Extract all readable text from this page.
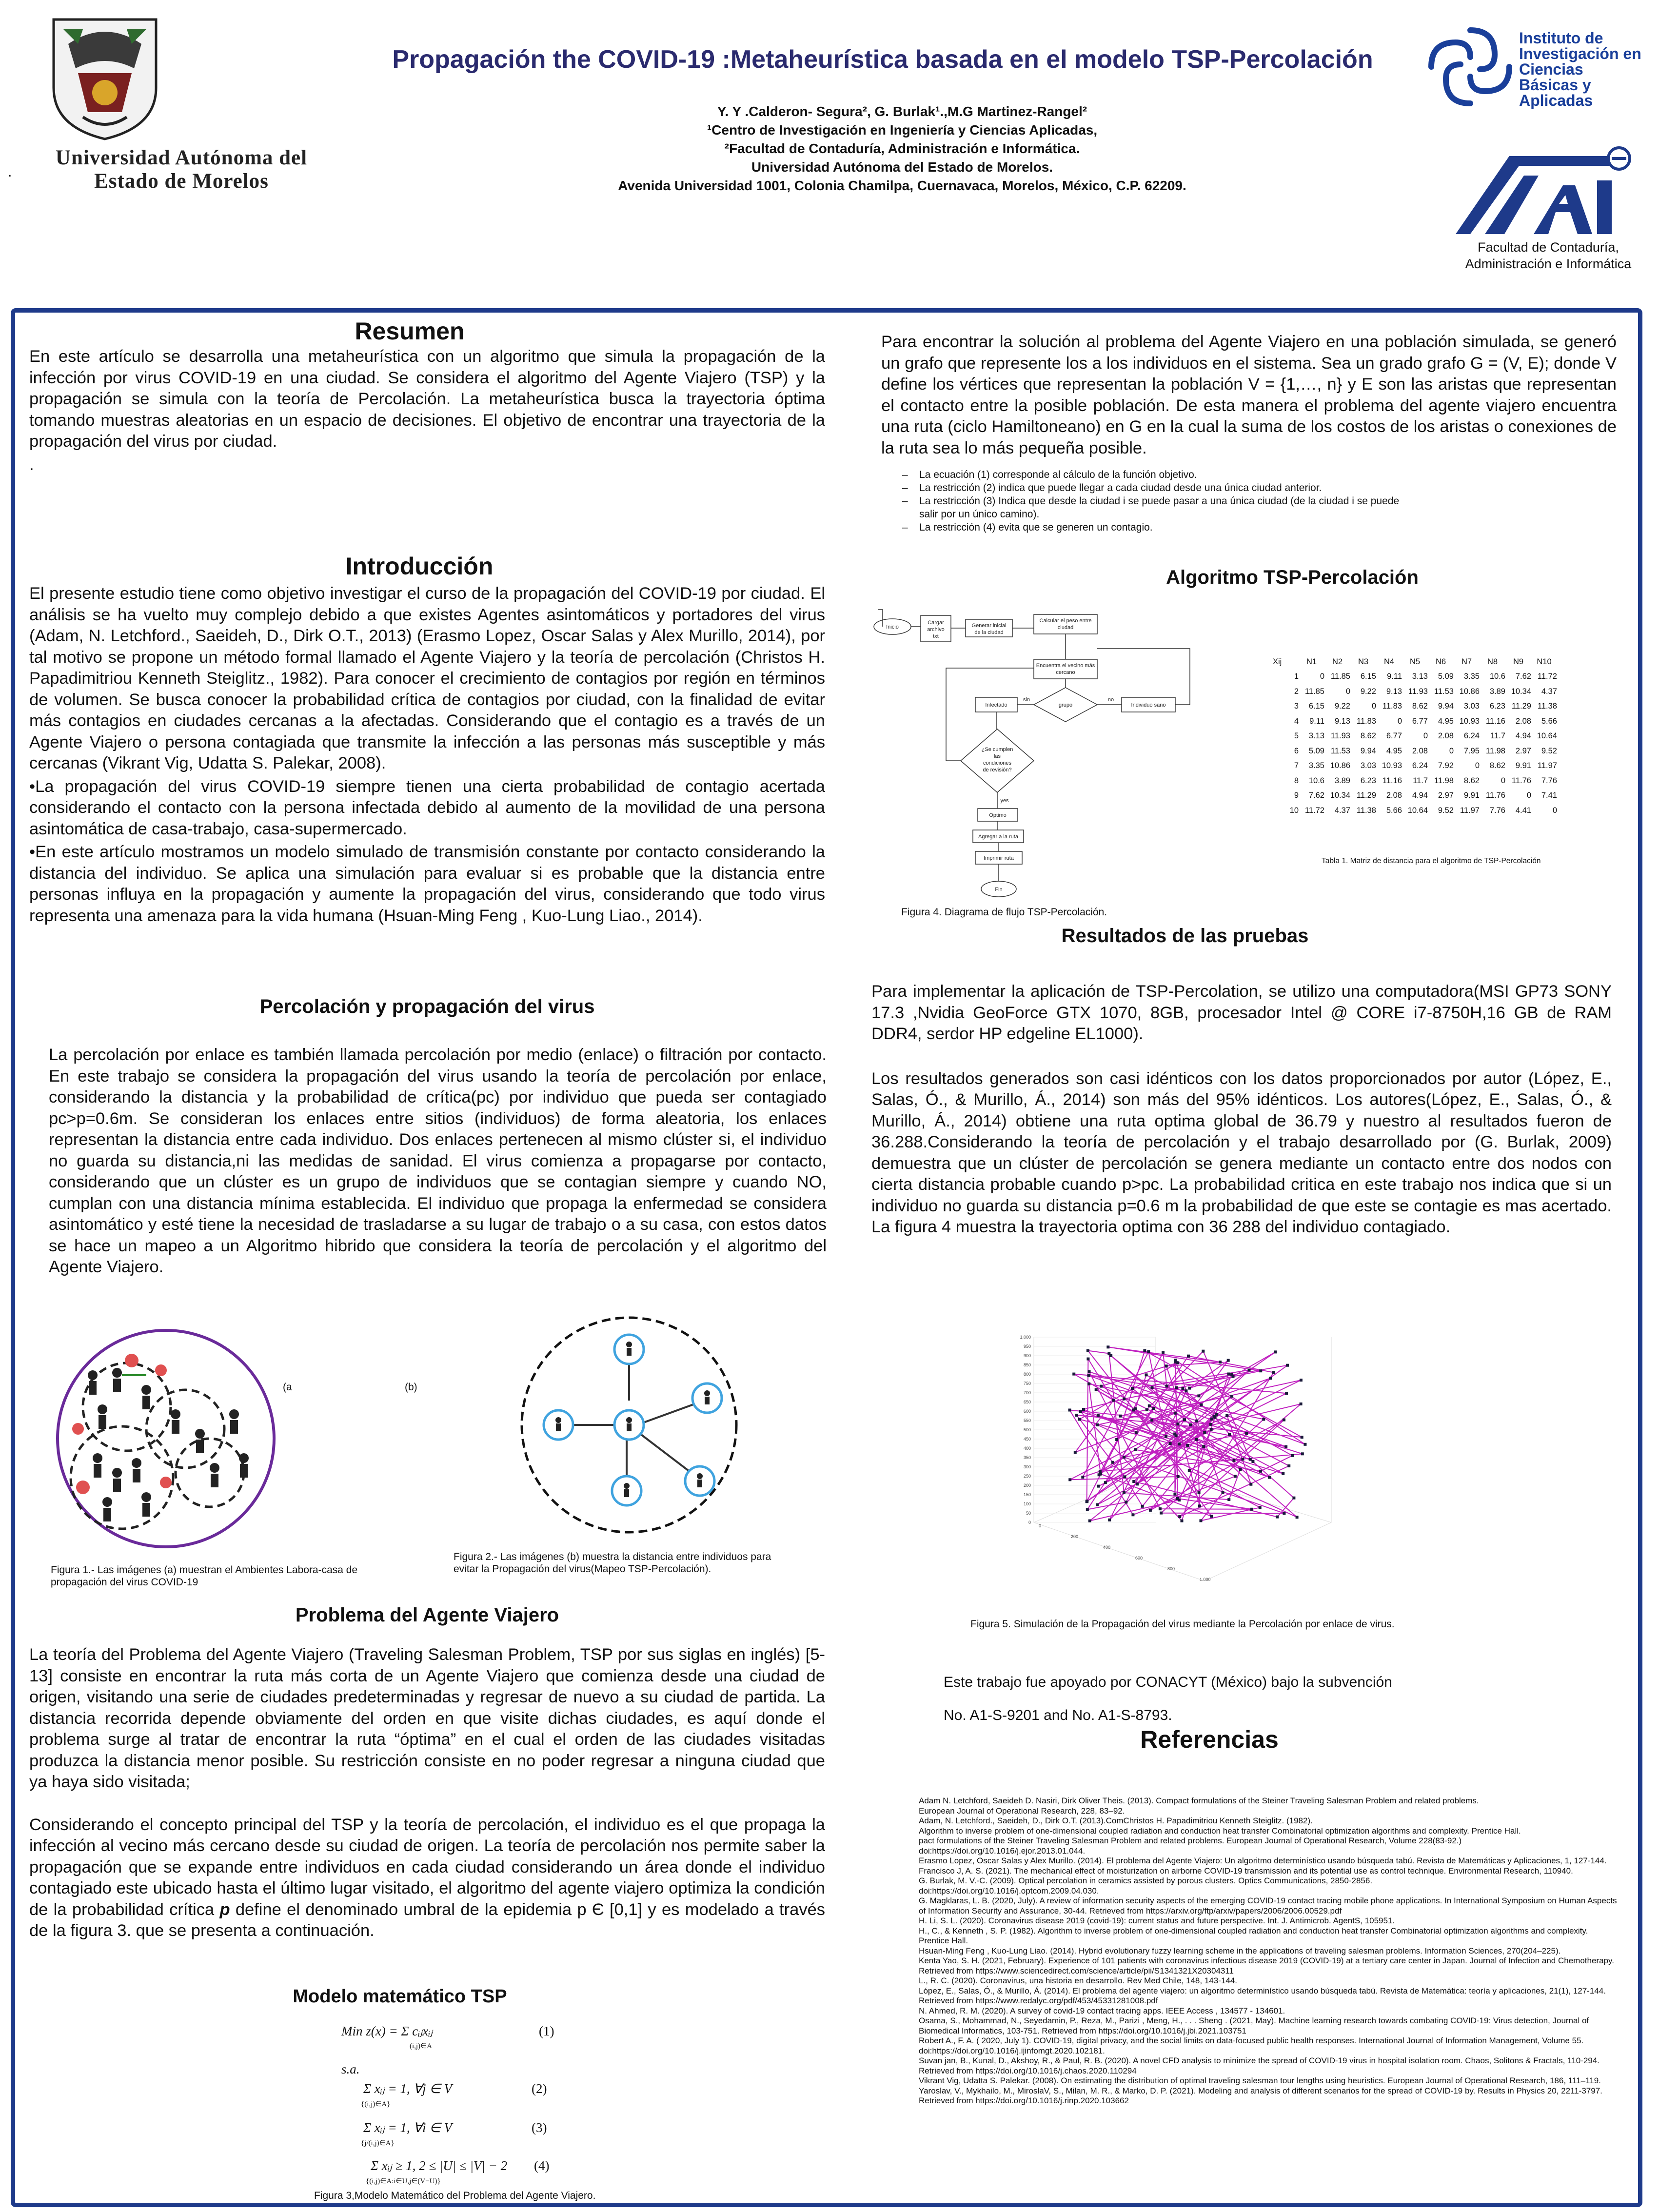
.
Universidad Autónoma del
Estado de Morelos
Propagación the COVID-19 :Metaheurística basada en el modelo TSP-Percolación
Y. Y .Calderon- Segura², G. Burlak¹.,M.G Martinez-Rangel²
¹Centro de Investigación en Ingeniería y Ciencias Aplicadas,
²Facultad de Contaduría, Administración e Informática.
Universidad Autónoma del Estado de Morelos.
Avenida Universidad 1001, Colonia Chamilpa, Cuernavaca, Morelos, México, C.P. 62209.
Instituto de
Investigación en
Ciencias
Básicas y
Aplicadas
Facultad de Contaduría,
Administración e Informática
Resumen

En este artículo se desarrolla una metaheurística con un algoritmo que simula la propagación de la infección por virus COVID-19 en una ciudad. Se considera el algoritmo del Agente Viajero (TSP) y la propagación se simula con la teoría de Percolación. La metaheurística busca la trayectoria óptima tomando muestras aleatorias en un espacio de decisiones. El objetivo de encontrar una trayectoria de la propagación del virus por ciudad.

.

Introducción

El presente estudio tiene como objetivo investigar el curso de la propagación del COVID-19 por ciudad. El análisis se ha vuelto muy complejo debido a que existes Agentes asintomáticos y portadores del virus (Adam, N. Letchford., Saeideh, D., Dirk O.T., 2013) (Erasmo Lopez, Oscar Salas y Alex Murillo, 2014), por tal motivo se propone un método formal llamado el Agente Viajero y la teoría de percolación (Christos H. Papadimitriou Kenneth Steiglitz., 1982). Para conocer el crecimiento de contagios por región en términos de volumen. Se busca conocer la probabilidad crítica de contagios por ciudad, con la finalidad de evitar más contagios en ciudades cercanas a la afectadas. Considerando que el contagio es a través de un Agente Viajero o persona contagiada que transmite la infección a las personas más susceptible y más cercanas (Vikrant Vig, Udatta S. Palekar, 2008).

•La propagación del virus COVID-19 siempre tienen una cierta probabilidad de contagio acertada considerando el contacto con la persona infectada debido al aumento de la movilidad de una persona asintomática de casa-trabajo, casa-supermercado.

•En este artículo mostramos un modelo simulado de transmisión constante por contacto considerando la distancia del individuo. Se aplica una simulación para evaluar si es probable que la distancia entre personas influya en la propagación y aumente la propagación del virus, considerando que todo virus representa una amenaza para la vida humana (Hsuan-Ming Feng , Kuo-Lung Liao., 2014).

Percolación y propagación del virus

La percolación por enlace es también llamada percolación por medio (enlace) o filtración por contacto. En este trabajo se considera la propagación del virus usando la teoría de percolación por enlace, considerando la distancia y la probabilidad de crítica(pc) por individuo que pueda ser contagiado pc>p=0.6m. Se consideran los enlaces entre sitios (individuos) de forma aleatoria, los enlaces representan la distancia entre cada individuo. Dos enlaces pertenecen al mismo clúster si, el individuo no guarda su distancia,ni las medidas de sanidad. El virus comienza a propagarse por contacto, considerando que un clúster es un grupo de individuos que se contagian siempre y cuando NO, cumplan con una distancia mínima establecida. El individuo que propaga la enfermedad se considera asintomático y esté tiene la necesidad de trasladarse a su lugar de trabajo o a su casa, con estos datos se hace un mapeo a un Algoritmo hibrido que considera la teoría de percolación y el algoritmo del Agente Viajero.

(a	(b)
Figura 1.- Las imágenes (a) muestran el Ambientes Labora-casa de propagación del virus COVID-19
Figura 2.- Las imágenes (b) muestra la distancia entre individuos para evitar la Propagación del virus(Mapeo TSP-Percolación).
Problema del Agente Viajero

La teoría del Problema del Agente Viajero (Traveling Salesman Problem, TSP por sus siglas en inglés) [5-13] consiste en encontrar la ruta más corta de un Agente Viajero que comienza desde una ciudad de origen, visitando una serie de ciudades predeterminadas y regresar de nuevo a su ciudad de partida. La distancia recorrida depende obviamente del orden en que visite dichas ciudades, es aquí donde el problema surge al tratar de encontrar la ruta “óptima” en el cual el orden de las ciudades visitadas produzca la distancia menor posible. Su restricción consiste en no poder regresar a ninguna ciudad que ya haya sido visitada;

Considerando el concepto principal del TSP y la teoría de percolación, el individuo es el que propaga la infección al vecino más cercano desde su ciudad de origen. La teoría de percolación nos permite saber la propagación que se expande entre individuos en cada ciudad considerando un área donde el individuo contagiado este ubicado hasta el último lugar visitado, el algoritmo del agente viajero optimiza la condición de la probabilidad crítica p define el denominado umbral de la epidemia p Є [0,1] y es modelado a través de la figura 3. que se presenta a continuación.

Modelo matemático TSP
Min z(x) = Σ cᵢⱼxᵢⱼ
(i,j)∈A
s.a.
Σ xᵢⱼ = 1, ∀j ∈ V
{(i,j)∈A}
Σ xᵢⱼ = 1, ∀i ∈ V
{j/(i,j)∈A}
Σ xᵢⱼ ≥ 1, 2 ≤ |U| ≤ |V| − 2
{(i,j)∈A:i∈U,j∈(V−U)}
(1)
(2)
(3)
(4)
Figura 3,Modelo Matemático del Problema del Agente Viajero.

Para encontrar la solución al problema del Agente Viajero en una población simulada, se generó un grafo que represente los a los individuos en el sistema. Sea un grado grafo G = (V, E); donde V define los vértices que representan la población V = {1,…, n} y E son las aristas que representan el contacto entre la posible población. De esta manera el problema del agente viajero encuentra una ruta (ciclo Hamiltoneano) en G en la cual la suma de los costos de los aristas o conexiones de la ruta sea lo más pequeña posible.

–	La ecuación (1) corresponde al cálculo de la función objetivo.
–	La restricción (2) indica que puede llegar a cada ciudad desde una única ciudad anterior.
–	La restricción (3) Indica que desde la ciudad i se puede pasar a una única ciudad (de la ciudad i se puede salir por un único camino).
–	La restricción (4) evita que se generen un contagio.
Algoritmo TSP-Percolación
Inicio
Cargar
archivo
txt
Generar inicial
de la ciudad
Calcular el peso entre
ciudad
Encuentra el vecino más
cercano
grupo
sin	no
Infectado	Individuo sano
¿Se cumplen
las
condiciones
de revisión?
yes
Optimo
Agregar a la ruta
Imprimir ruta
Fin
Figura 4. Diagrama de flujo TSP-Percolación.
Xij	N1	N2	N3	N4	N5	N6	N7	N8	N9	N10
1	0	11.85	6.15	9.11	3.13	5.09	3.35	10.6	7.62	11.72
2	11.85	0	9.22	9.13	11.93	11.53	10.86	3.89	10.34	4.37
3	6.15	9.22	0	11.83	8.62	9.94	3.03	6.23	11.29	11.38
4	9.11	9.13	11.83	0	6.77	4.95	10.93	11.16	2.08	5.66
5	3.13	11.93	8.62	6.77	0	2.08	6.24	11.7	4.94	10.64
6	5.09	11.53	9.94	4.95	2.08	0	7.95	11.98	2.97	9.52
7	3.35	10.86	3.03	10.93	6.24	7.92	0	8.62	9.91	11.97
8	10.6	3.89	6.23	11.16	11.7	11.98	8.62	0	11.76	7.76
9	7.62	10.34	11.29	2.08	4.94	2.97	9.91	11.76	0	7.41
10	11.72	4.37	11.38	5.66	10.64	9.52	11.97	7.76	4.41	0
Tabla 1. Matriz de distancia para el algoritmo de TSP-Percolación
Resultados de las pruebas

Para implementar la aplicación de TSP-Percolation, se utilizo una computadora(MSI GP73 SONY 17.3 ,Nvidia GeoForce GTX 1070, 8GB, procesador Intel @ CORE i7-8750H,16 GB de RAM DDR4, serdor HP edgeline EL1000).

Los resultados generados son casi idénticos con los datos proporcionados por autor (López, E., Salas, Ó., & Murillo, Á., 2014) son más del 95% idénticos. Los autores(López, E., Salas, Ó., & Murillo, Á., 2014) obtiene una ruta optima global de 36.79 y nuestro al resultados fueron de 36.288.Considerando la teoría de percolación y el trabajo desarrollado por (G. Burlak, 2009) demuestra que un clúster de percolación se genera mediante un contacto entre dos nodos con cierta distancia probable cuando p>pc. La probabilidad critica en este trabajo nos indica que si un individuo no guarda su distancia p=0.6 m la probabilidad de que este se contagie es mas acertado. La figura 4 muestra la trayectoria optima con 36 288 del individuo contagiado.

1,000
950
900
850
800
750
700
650
600
550
500
450
400
350
300
250
200
150
100
50
0
0
200
400
600
800
1,000
Figura 5. Simulación de la Propagación del virus mediante la Percolación por enlace de virus.
Este trabajo fue apoyado por CONACYT (México) bajo la subvención
No. A1-S-9201 and No. A1-S-8793.
Referencias
Adam N. Letchford, Saeideh D. Nasiri, Dirk Oliver Theis. (2013). Compact formulations of the Steiner Traveling Salesman Problem and related problems.
European Journal of Operational Research, 228, 83–92.
Adam, N. Letchford., Saeideh, D., Dirk O.T. (2013).ComChristos H. Papadimitriou Kenneth Steiglitz. (1982).
Algorithm to inverse problem of one-dimensional coupled radiation and conduction heat transfer Combinatorial optimization algorithms and complexity. Prentice Hall.
pact formulations of the Steiner Traveling Salesman Problem and related problems. European Journal of Operational Research, Volume 228(83-92.)
doi:https://doi.org/10.1016/j.ejor.2013.01.044.
Erasmo Lopez, Oscar Salas y Alex Murillo. (2014). El problema del Agente Viajero: Un algoritmo determinístico usando búsqueda tabú. Revista de Matemáticas y Aplicaciones, 1, 127-144.
Francisco J, A. S. (2021). The mechanical effect of moisturization on airborne COVID-19 transmission and its potential use as control technique. Environmental Research, 110940.
G. Burlak, M. V.-C. (2009). Optical percolation in ceramics assisted by porous clusters. Optics Communications, 2850-2856.
doi:https://doi.org/10.1016/j.optcom.2009.04.030.
G. Magklaras, L. B. (2020, July). A review of information security aspects of the emerging COVID-19 contact tracing mobile phone applications. In International Symposium on Human Aspects of Information Security and Assurance, 30-44. Retrieved from https://arxiv.org/ftp/arxiv/papers/2006/2006.00529.pdf
H. Li, S. L. (2020). Coronavirus disease 2019 (covid-19): current status and future perspective. Int. J. Antimicrob. AgentS, 105951.
H., C., & Kenneth , S. P. (1982). Algorithm to inverse problem of one-dimensional coupled radiation and conduction heat transfer Combinatorial optimization algorithms and complexity. Prentice Hall.
Hsuan-Ming Feng , Kuo-Lung Liao. (2014). Hybrid evolutionary fuzzy learning scheme in the applications of traveling salesman problems. Information Sciences, 270(204–225).
Kenta Yao, S. H. (2021, February). Experience of 101 patients with coronavirus infectious disease 2019 (COVID-19) at a tertiary care center in Japan. Journal of Infection and Chemotherapy. Retrieved from https://www.sciencedirect.com/science/article/pii/S1341321X20304311
L., R. C. (2020). Coronavirus, una historia en desarrollo. Rev Med Chile, 148, 143-144.
López, E., Salas, Ó., & Murillo, Á. (2014). El problema del agente viajero: un algoritmo determinístico usando búsqueda tabú. Revista de Matemática: teoría y aplicaciones, 21(1), 127-144. Retrieved from https://www.redalyc.org/pdf/453/45331281008.pdf
N. Ahmed, R. M. (2020). A survey of covid-19 contact tracing apps. IEEE Access , 134577 - 134601.
Osama, S., Mohammad, N., Seyedamin, P., Reza, M., Parizi , Meng, H., . . . Sheng . (2021, May). Machine learning research towards combating COVID-19: Virus detection, Journal of Biomedical Informatics, 103-751. Retrieved from https://doi.org/10.1016/j.jbi.2021.103751
Robert A., F. A. ( 2020, July 1). COVID-19, digital privacy, and the social limits on data-focused public health responses. International Journal of Information Management, Volume 55. doi:https://doi.org/10.1016/j.ijinfomgt.2020.102181.
Suvan jan, B., Kunal, D., Akshoy, R., & Paul, R. B. (2020). A novel CFD analysis to minimize the spread of COVID-19 virus in hospital isolation room. Chaos, Solitons & Fractals, 110-294. Retrieved from https://doi.org/10.1016/j.chaos.2020.110294
Vikrant Vig, Udatta S. Palekar. (2008). On estimating the distribution of optimal traveling salesman tour lengths using heuristics. European Journal of Operational Research, 186, 111–119.
Yaroslav, V., Mykhailo, M., MiroslaV, S., Milan, M. R., & Marko, D. P. (2021). Modeling and analysis of different scenarios for the spread of COVID-19 by. Results in Physics 20, 2211-3797. Retrieved from https://doi.org/10.1016/j.rinp.2020.103662
